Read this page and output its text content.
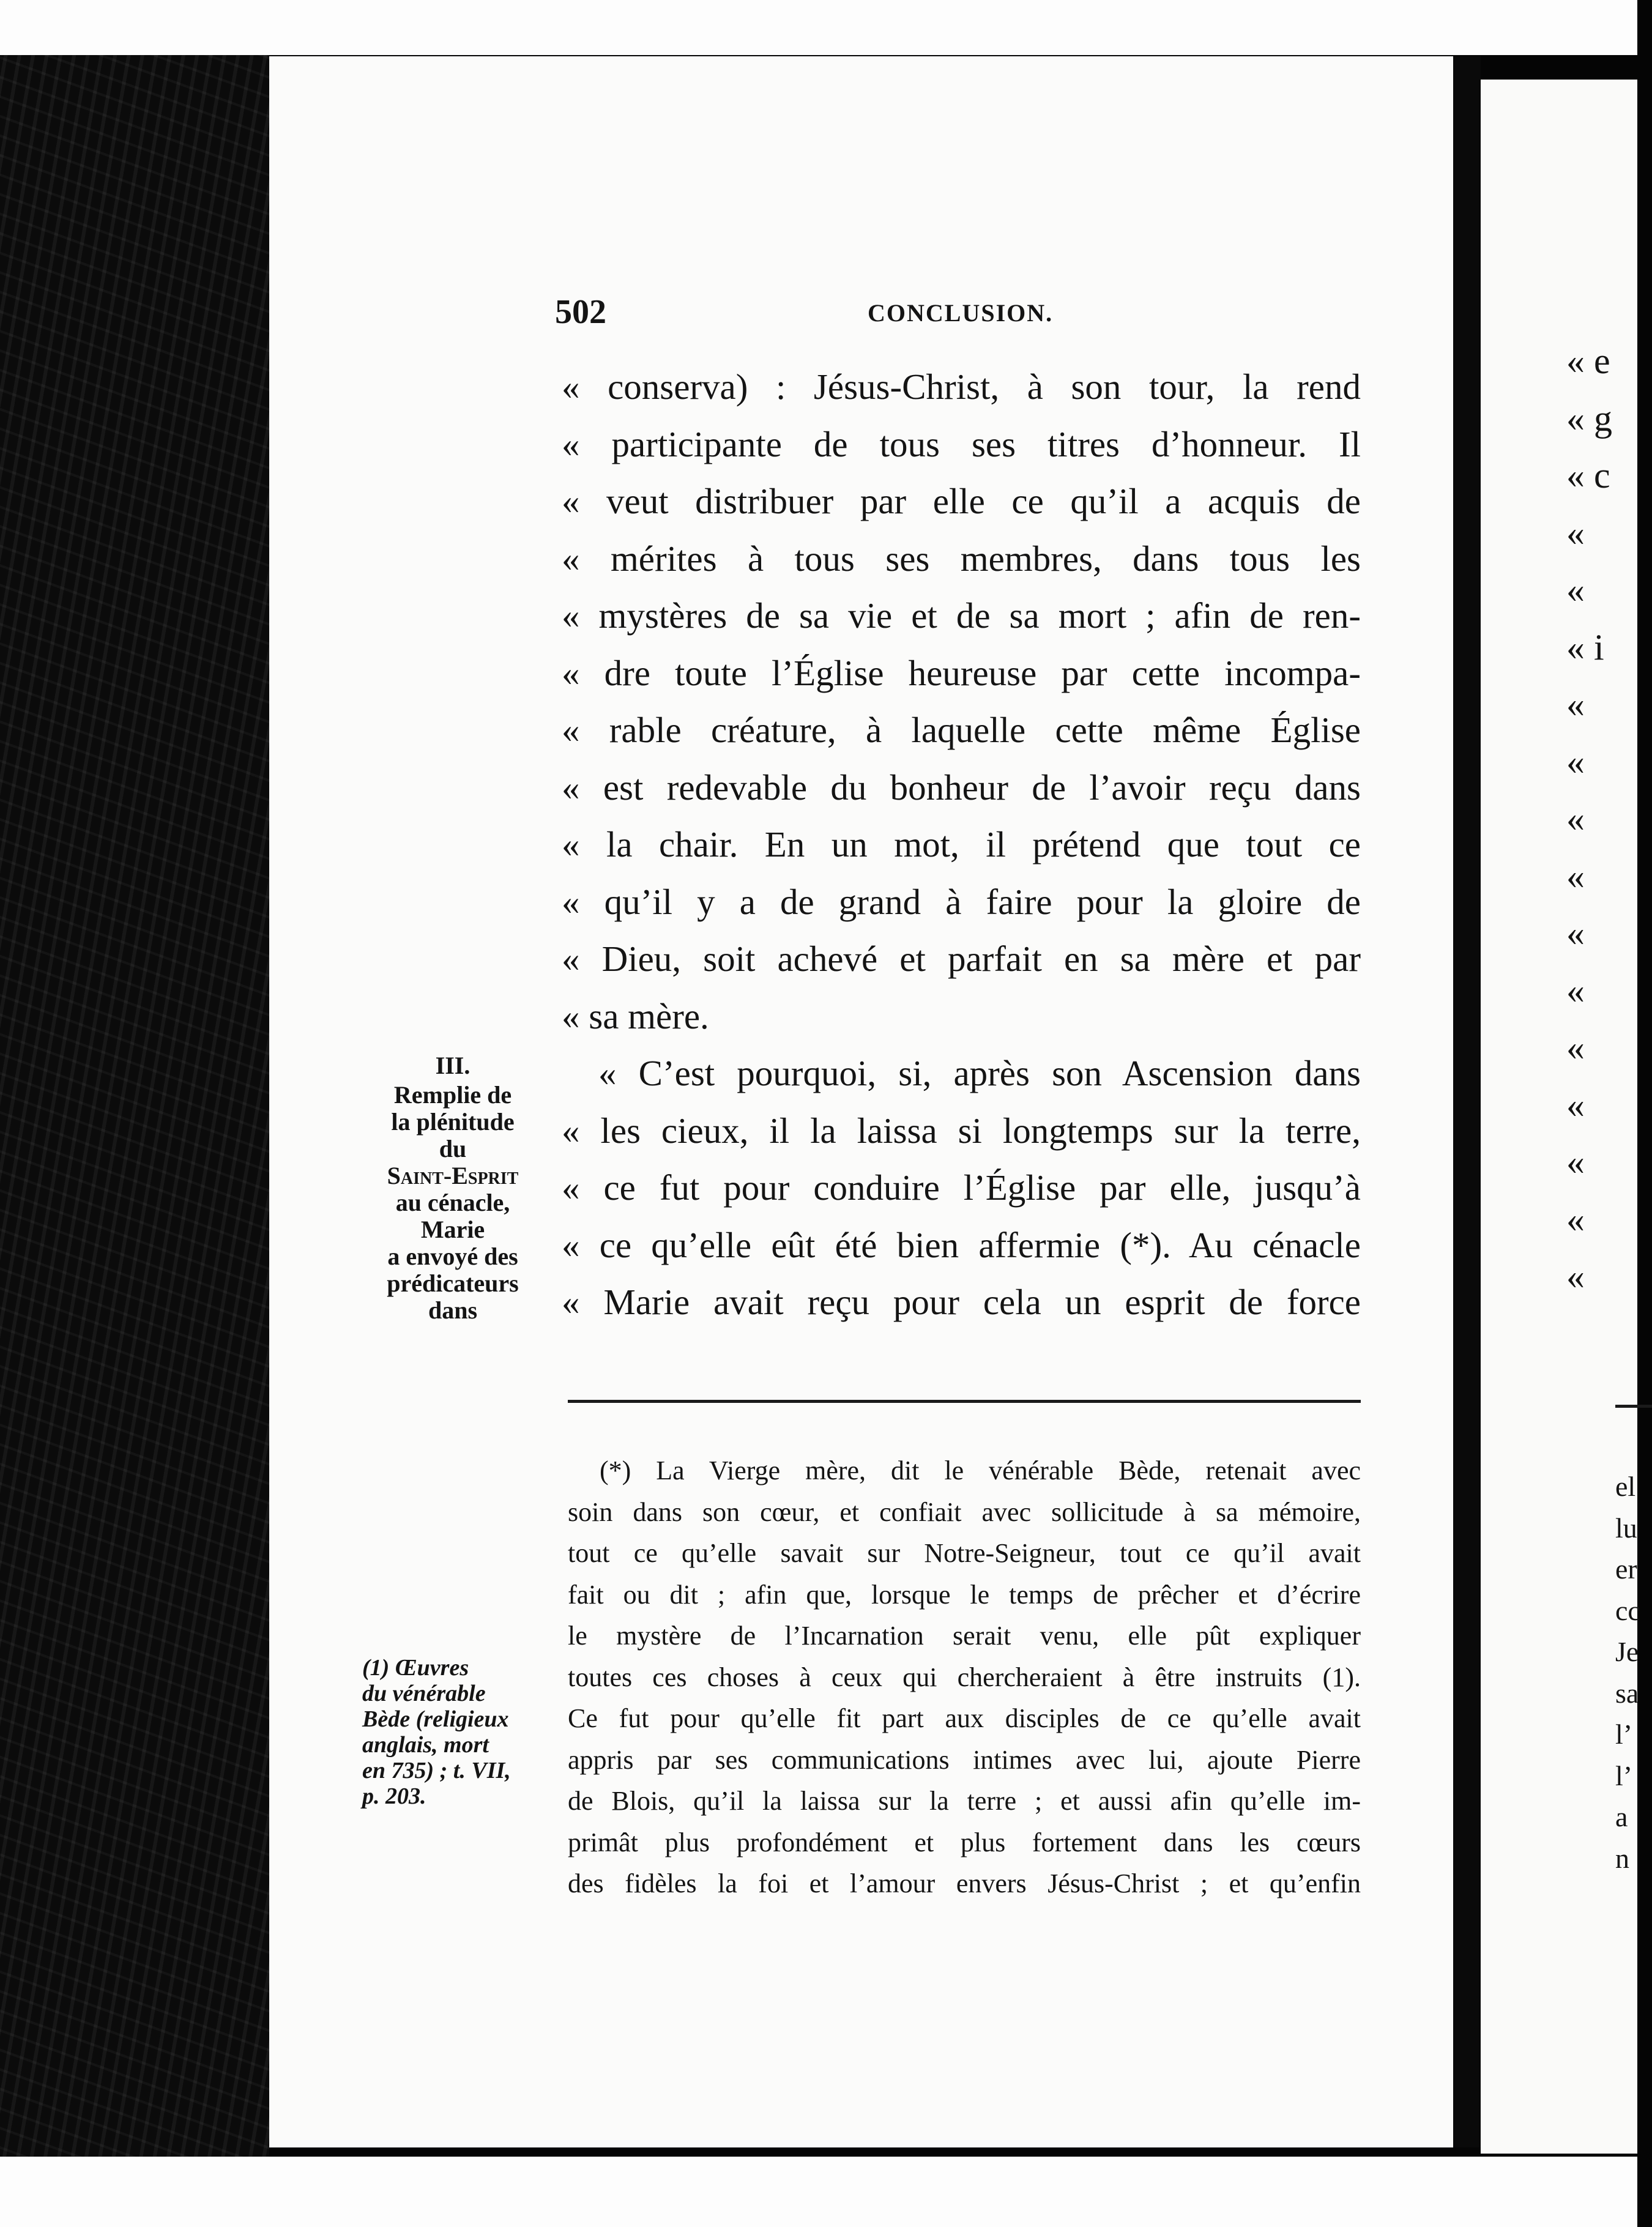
« e
« g
« c
«
«
« i
«
«
«
«
«
«
«
«
«
«
«
el
lu
er
cc
Je
sa
l’
l’
a
n
502	CONCLUSION.
« conserva) : Jésus-Christ, à son tour, la rend
« participante de tous ses titres d’honneur. Il
« veut distribuer par elle ce qu’il a acquis de
« mérites à tous ses membres, dans tous les
« mystères de sa vie et de sa mort ; afin de ren-
« dre toute l’Église heureuse par cette incompa-
« rable créature, à laquelle cette même Église
« est redevable du bonheur de l’avoir reçu dans
« la chair. En un mot, il prétend que tout ce
« qu’il y a de grand à faire pour la gloire de
« Dieu, soit achevé et parfait en sa mère et par
« sa mère.
« C’est pourquoi, si, après son Ascension dans
« les cieux, il la laissa si longtemps sur la terre,
« ce fut pour conduire l’Église par elle, jusqu’à
« ce qu’elle eût été bien affermie (*). Au cénacle
« Marie avait reçu pour cela un esprit de force
III.
Remplie de
la plénitude
du
Saint-Esprit
au cénacle,
Marie
a envoyé des
prédicateurs
dans
(*) La Vierge mère, dit le vénérable Bède, retenait avec
soin dans son cœur, et confiait avec sollicitude à sa mémoire,
tout ce qu’elle savait sur Notre-Seigneur, tout ce qu’il avait
fait ou dit ; afin que, lorsque le temps de prêcher et d’écrire
le mystère de l’Incarnation serait venu, elle pût expliquer
toutes ces choses à ceux qui chercheraient à être instruits (1).
Ce fut pour qu’elle fit part aux disciples de ce qu’elle avait
appris par ses communications intimes avec lui, ajoute Pierre
de Blois, qu’il la laissa sur la terre ; et aussi afin qu’elle im-
primât plus profondément et plus fortement dans les cœurs
des fidèles la foi et l’amour envers Jésus-Christ ; et qu’enfin
(1) Œuvres
du vénérable
Bède (religieux
anglais, mort
en 735) ; t. VII,
p. 203.
